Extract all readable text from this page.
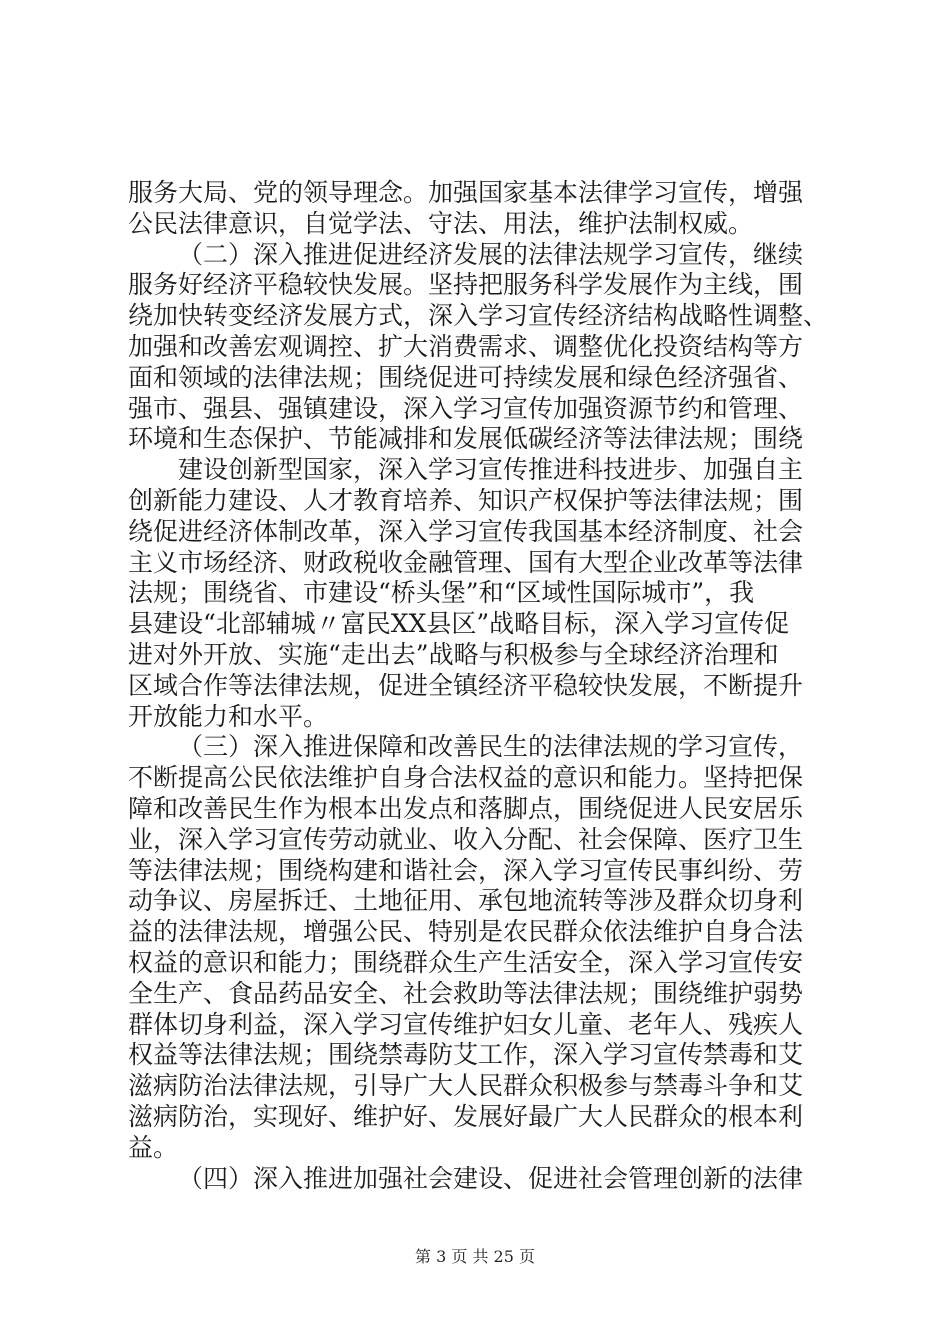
服务大局、党的领导理念。加强国家基本法律学习宣传，增强
公民法律意识，自觉学法、守法、用法，维护法制权威。
（二）深入推进促进经济发展的法律法规学习宣传，继续
服务好经济平稳较快发展。坚持把服务科学发展作为主线，围
绕加快转变经济发展方式，深入学习宣传经济结构战略性调整、
加强和改善宏观调控、扩大消费需求、调整优化投资结构等方
面和领域的法律法规；围绕促进可持续发展和绿色经济强省、
强市、强县、强镇建设，深入学习宣传加强资源节约和管理、
环境和生态保护、节能减排和发展低碳经济等法律法规；围绕
建设创新型国家，深入学习宣传推进科技进步、加强自主
创新能力建设、人才教育培养、知识产权保护等法律法规；围
绕促进经济体制改革，深入学习宣传我国基本经济制度、社会
主义市场经济、财政税收金融管理、国有大型企业改革等法律
法规；围绕省、市建设“桥头堡”和“区域性国际城市”，我
县建设“北部辅城〃富民XX县区”战略目标，深入学习宣传促
进对外开放、实施“走出去”战略与积极参与全球经济治理和
区域合作等法律法规，促进全镇经济平稳较快发展，不断提升
开放能力和水平。
（三）深入推进保障和改善民生的法律法规的学习宣传，
不断提高公民依法维护自身合法权益的意识和能力。坚持把保
障和改善民生作为根本出发点和落脚点，围绕促进人民安居乐
业，深入学习宣传劳动就业、收入分配、社会保障、医疗卫生
等法律法规；围绕构建和谐社会，深入学习宣传民事纠纷、劳
动争议、房屋拆迁、土地征用、承包地流转等涉及群众切身利
益的法律法规，增强公民、特别是农民群众依法维护自身合法
权益的意识和能力；围绕群众生产生活安全，深入学习宣传安
全生产、食品药品安全、社会救助等法律法规；围绕维护弱势
群体切身利益，深入学习宣传维护妇女儿童、老年人、残疾人
权益等法律法规；围绕禁毒防艾工作，深入学习宣传禁毒和艾
滋病防治法律法规，引导广大人民群众积极参与禁毒斗争和艾
滋病防治，实现好、维护好、发展好最广大人民群众的根本利
益。
（四）深入推进加强社会建设、促进社会管理创新的法律
第 3 页 共 25 页
